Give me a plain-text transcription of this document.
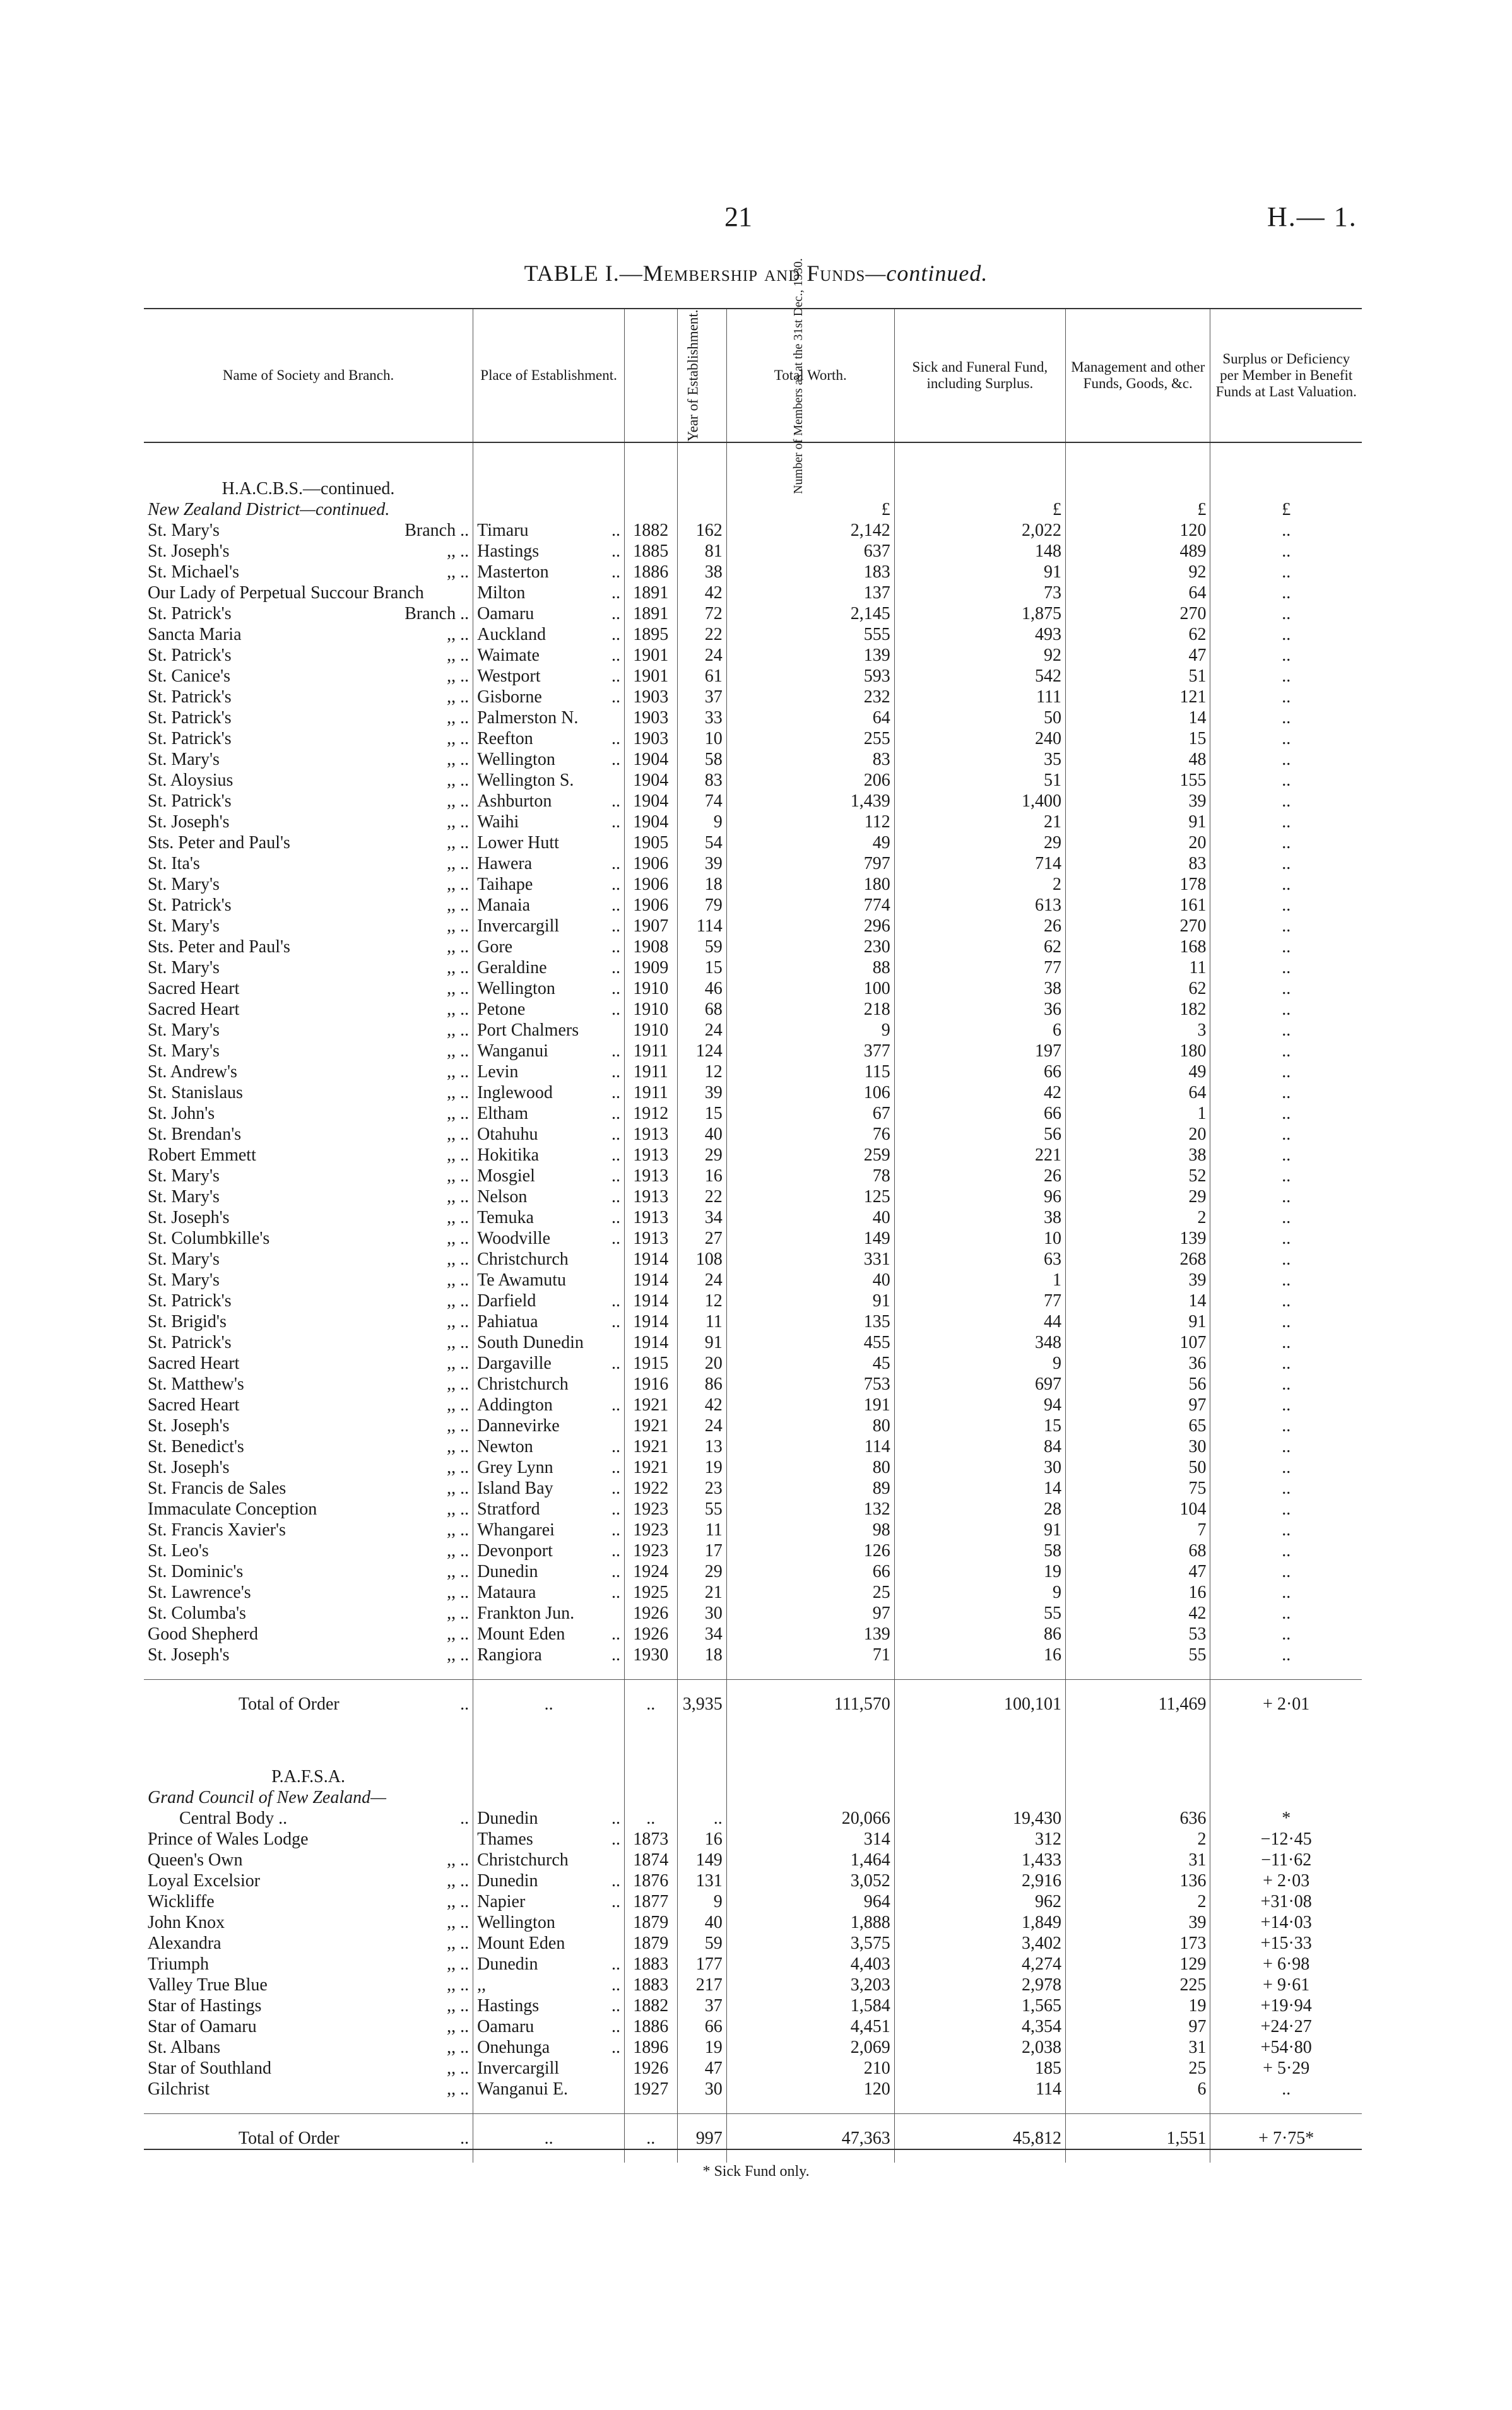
21	H.— 1.
TABLE I.—Membership and Funds—continued.
Name of Society and Branch.	Place of Establishment.	Year of Establishment.	Number of Members as at the 31st Dec., 1930.	Total Worth.	Sick and Funeral Fund, including Surplus.	Management and other Funds, Goods, &c.	Surplus or Deficiency per Member in Benefit Funds at Last Valuation.

H.A.C.B.S.—continued.							
New Zealand District—continued.				£	£	£	£

St. Mary's Branch ..	Timaru ..	1882	162	2,142	2,022	120	..

St. Joseph's ,, ..	Hastings ..	1885	81	637	148	489	..

St. Michael's ,, ..	Masterton ..	1886	38	183	91	92	..

Our Lady of Perpetual Succour Branch	Milton ..	1891	42	137	73	64	..

St. Patrick's Branch ..	Oamaru ..	1891	72	2,145	1,875	270	..

Sancta Maria ,, ..	Auckland ..	1895	22	555	493	62	..

St. Patrick's ,, ..	Waimate ..	1901	24	139	92	47	..

St. Canice's ,, ..	Westport ..	1901	61	593	542	51	..

St. Patrick's ,, ..	Gisborne ..	1903	37	232	111	121	..

St. Patrick's ,, ..	Palmerston N.	1903	33	64	50	14	..

St. Patrick's ,, ..	Reefton ..	1903	10	255	240	15	..

St. Mary's ,, ..	Wellington ..	1904	58	83	35	48	..

St. Aloysius ,, ..	Wellington S.	1904	83	206	51	155	..

St. Patrick's ,, ..	Ashburton ..	1904	74	1,439	1,400	39	..

St. Joseph's ,, ..	Waihi ..	1904	9	112	21	91	..

Sts. Peter and Paul's ,, ..	Lower Hutt	1905	54	49	29	20	..

St. Ita's ,, ..	Hawera ..	1906	39	797	714	83	..

St. Mary's ,, ..	Taihape ..	1906	18	180	2	178	..

St. Patrick's ,, ..	Manaia ..	1906	79	774	613	161	..

St. Mary's ,, ..	Invercargill ..	1907	114	296	26	270	..

Sts. Peter and Paul's ,, ..	Gore ..	1908	59	230	62	168	..

St. Mary's ,, ..	Geraldine ..	1909	15	88	77	11	..

Sacred Heart ,, ..	Wellington ..	1910	46	100	38	62	..

Sacred Heart ,, ..	Petone ..	1910	68	218	36	182	..

St. Mary's ,, ..	Port Chalmers	1910	24	9	6	3	..

St. Mary's ,, ..	Wanganui ..	1911	124	377	197	180	..

St. Andrew's ,, ..	Levin ..	1911	12	115	66	49	..

St. Stanislaus ,, ..	Inglewood ..	1911	39	106	42	64	..

St. John's ,, ..	Eltham ..	1912	15	67	66	1	..

St. Brendan's ,, ..	Otahuhu ..	1913	40	76	56	20	..

Robert Emmett ,, ..	Hokitika ..	1913	29	259	221	38	..

St. Mary's ,, ..	Mosgiel ..	1913	16	78	26	52	..

St. Mary's ,, ..	Nelson ..	1913	22	125	96	29	..

St. Joseph's ,, ..	Temuka ..	1913	34	40	38	2	..

St. Columbkille's ,, ..	Woodville ..	1913	27	149	10	139	..

St. Mary's ,, ..	Christchurch	1914	108	331	63	268	..

St. Mary's ,, ..	Te Awamutu	1914	24	40	1	39	..

St. Patrick's ,, ..	Darfield ..	1914	12	91	77	14	..

St. Brigid's ,, ..	Pahiatua ..	1914	11	135	44	91	..

St. Patrick's ,, ..	South Dunedin	1914	91	455	348	107	..

Sacred Heart ,, ..	Dargaville ..	1915	20	45	9	36	..

St. Matthew's ,, ..	Christchurch	1916	86	753	697	56	..

Sacred Heart ,, ..	Addington ..	1921	42	191	94	97	..

St. Joseph's ,, ..	Dannevirke	1921	24	80	15	65	..

St. Benedict's ,, ..	Newton ..	1921	13	114	84	30	..

St. Joseph's ,, ..	Grey Lynn ..	1921	19	80	30	50	..

St. Francis de Sales ,, ..	Island Bay ..	1922	23	89	14	75	..

Immaculate Conception ,, ..	Stratford ..	1923	55	132	28	104	..

St. Francis Xavier's ,, ..	Whangarei ..	1923	11	98	91	7	..

St. Leo's ,, ..	Devonport ..	1923	17	126	58	68	..

St. Dominic's ,, ..	Dunedin ..	1924	29	66	19	47	..

St. Lawrence's ,, ..	Mataura ..	1925	21	25	9	16	..

St. Columba's ,, ..	Frankton Jun.	1926	30	97	55	42	..

Good Shepherd ,, ..	Mount Eden ..	1926	34	139	86	53	..

St. Joseph's ,, ..	Rangiora ..	1930	18	71	16	55	..

Total of Order ..	..	..	3,935	111,570	100,101	11,469	+ 2·01

P.A.F.S.A.							
Grand Council of New Zealand—							

Central Body .. ..	Dunedin ..	..	..	20,066	19,430	636	*

Prince of Wales Lodge	Thames ..	1873	16	314	312	2	−12·45

Queen's Own ,, ..	Christchurch	1874	149	1,464	1,433	31	−11·62

Loyal Excelsior ,, ..	Dunedin ..	1876	131	3,052	2,916	136	+ 2·03

Wickliffe ,, ..	Napier ..	1877	9	964	962	2	+31·08

John Knox ,, ..	Wellington	1879	40	1,888	1,849	39	+14·03

Alexandra ,, ..	Mount Eden	1879	59	3,575	3,402	173	+15·33

Triumph ,, ..	Dunedin ..	1883	177	4,403	4,274	129	+ 6·98

Valley True Blue ,, ..	,, ..	1883	217	3,203	2,978	225	+ 9·61

Star of Hastings ,, ..	Hastings ..	1882	37	1,584	1,565	19	+19·94

Star of Oamaru ,, ..	Oamaru ..	1886	66	4,451	4,354	97	+24·27

St. Albans ,, ..	Onehunga ..	1896	19	2,069	2,038	31	+54·80

Star of Southland ,, ..	Invercargill	1926	47	210	185	25	+ 5·29

Gilchrist ,, ..	Wanganui E.	1927	30	120	114	6	..

Total of Order ..	..	..	997	47,363	45,812	1,551	+ 7·75*
* Sick Fund only.
